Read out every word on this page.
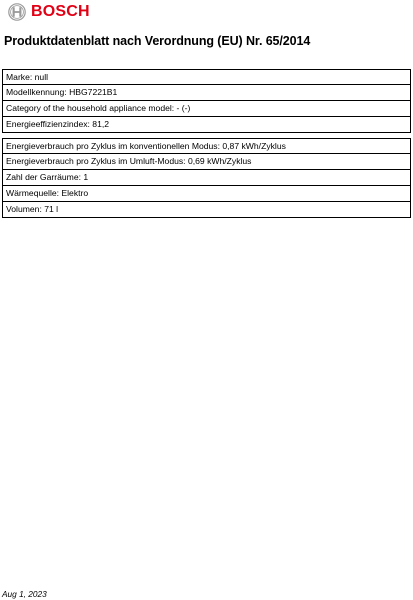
BOSCH
Produktdatenblatt nach Verordnung (EU) Nr. 65/2014
Marke: null
Modellkennung: HBG7221B1
Category of the household appliance model: - (-)
Energieeffizienzindex: 81,2
Energieverbrauch pro Zyklus im konventionellen Modus: 0,87 kWh/Zyklus
Energieverbrauch pro Zyklus im Umluft-Modus: 0,69 kWh/Zyklus
Zahl der Garräume: 1
Wärmequelle: Elektro
Volumen: 71 l
Aug 1, 2023
